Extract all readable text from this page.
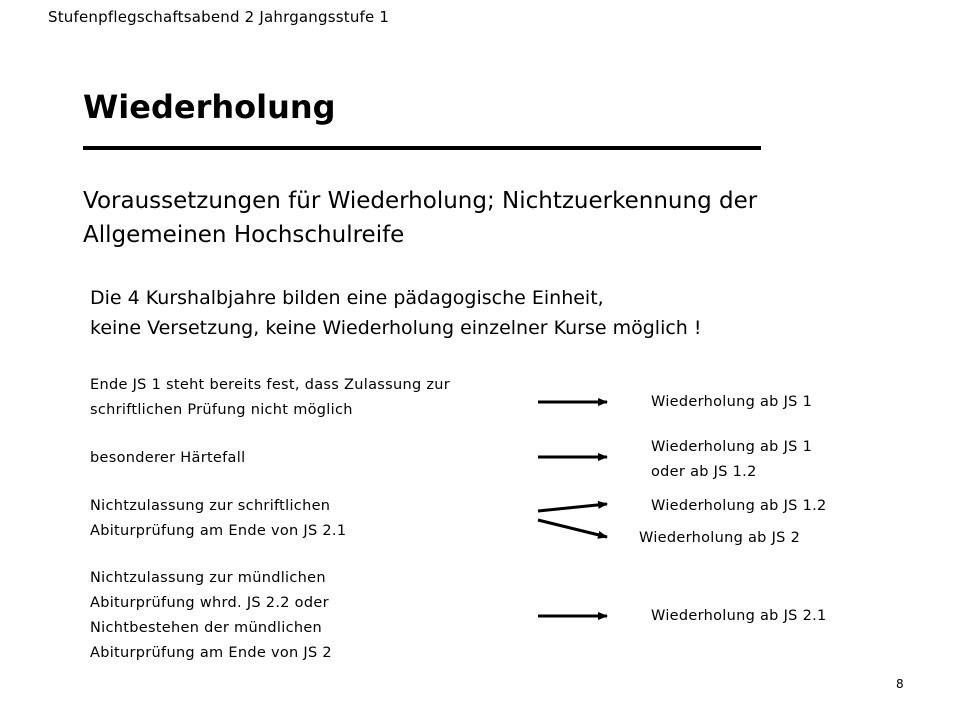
Stufenpflegschaftsabend 2 Jahrgangsstufe 1
Wiederholung
Voraussetzungen für Wiederholung; Nichtzuerkennung der
Allgemeinen Hochschulreife
Die 4 Kurshalbjahre bilden eine pädagogische Einheit,
keine Versetzung, keine Wiederholung einzelner Kurse möglich !
Ende JS 1 steht bereits fest, dass Zulassung zur
schriftlichen Prüfung nicht möglich	Wiederholung ab JS 1
besonderer Härtefall
Wiederholung ab JS 1
oder ab JS 1.2
Nichtzulassung zur schriftlichen
Abiturprüfung am Ende von JS 2.1
Wiederholung ab JS 1.2
Wiederholung ab JS 2
Nichtzulassung zur mündlichen
Abiturprüfung whrd. JS 2.2 oder
Nichtbestehen der mündlichen
Abiturprüfung am Ende von JS 2
Wiederholung ab JS 2.1
8
